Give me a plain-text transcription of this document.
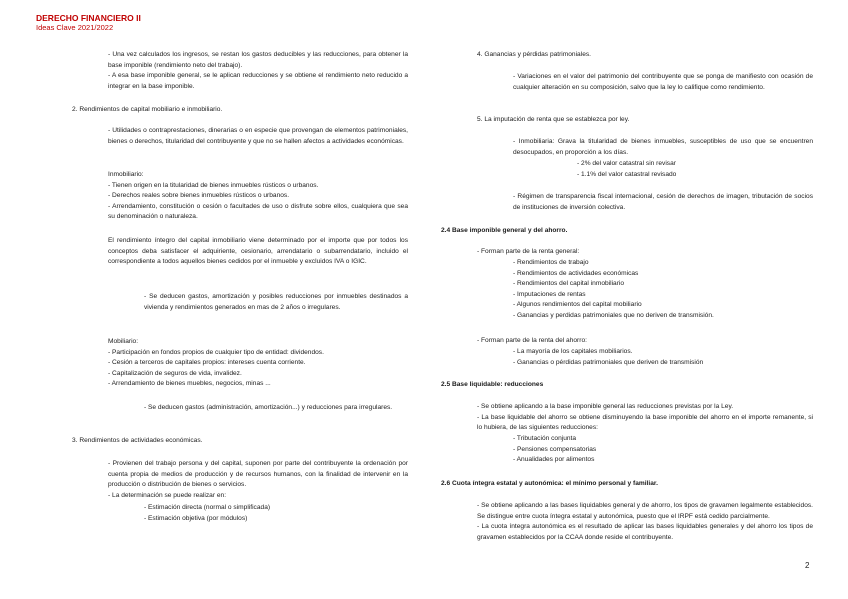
DERECHO FINANCIERO II
Ideas Clave 2021/2022
- Una vez calculados los ingresos, se restan los gastos deducibles y las reducciones, para obtener la base imponible (rendimiento neto del trabajo).
- A esa base imponible general, se le aplican reducciones y se obtiene el rendimiento neto reducido a integrar en la base imponible.
2. Rendimientos de capital mobiliario e inmobiliario.
- Utilidades o contraprestaciones, dinerarias o en especie que provengan de elementos patrimoniales, bienes o derechos, titularidad del contribuyente y que no se hallen afectos a actividades económicas.
Inmobiliario:
- Tienen origen en la titularidad de bienes inmuebles rústicos o urbanos.
- Derechos reales sobre bienes inmuebles rústicos o urbanos.
- Arrendamiento, constitución o cesión o facultades de uso o disfrute sobre ellos, cualquiera que sea su denominación o naturaleza.
El rendimiento íntegro del capital inmobiliario viene determinado por el importe que por todos los conceptos deba satisfacer el adquiriente, cesionario, arrendatario o subarrendatario, incluido el correspondiente a todos aquellos bienes cedidos por el inmueble y excluidos IVA o IGIC.
- Se deducen gastos, amortización y posibles reducciones por inmuebles destinados a vivienda y rendimientos generados en mas de 2 años o irregulares.
Mobiliario:
- Participación en fondos propios de cualquier tipo de entidad: dividendos.
- Cesión a terceros de capitales propios: intereses cuenta corriente.
- Capitalización de seguros de vida, invalidez.
- Arrendamiento de bienes muebles, negocios, minas ...
- Se deducen gastos (administración, amortización...) y reducciones para irregulares.
3. Rendimientos de actividades económicas.
- Provienen del trabajo persona y del capital, suponen por parte del contribuyente la ordenación por cuenta propia de medios de producción y de recursos humanos, con la finalidad de intervenir en la producción o distribución de bienes o servicios.
- La determinación se puede realizar en:
- Estimación directa (normal o simplificada)
- Estimación objetiva (por módulos)
4. Ganancias y pérdidas patrimoniales.
- Variaciones en el valor del patrimonio del contribuyente que se ponga de manifiesto con ocasión de cualquier alteración en su composición, salvo que la ley lo califique como rendimiento.
5. La imputación de renta que se establezca por ley.
- Inmobiliaria: Grava la titularidad de bienes inmuebles, susceptibles de uso que se encuentren desocupados, en proporción a los días.
- 2% del valor catastral sin revisar
- 1.1% del valor catastral revisado
- Régimen de transparencia fiscal internacional, cesión de derechos de imagen, tributación de socios de instituciones de inversión colectiva.
2.4 Base imponible general y del ahorro.
- Forman parte de la renta general:
- Rendimientos de trabajo
- Rendimientos de actividades económicas
- Rendimientos del capital inmobiliario
- Imputaciones de rentas
- Algunos rendimientos del capital mobiliario
- Ganancias y perdidas patrimoniales que no deriven de transmisión.
- Forman parte de la renta del ahorro:
- La mayoría de los capitales mobiliarios.
- Ganancias o pérdidas patrimoniales que deriven de transmisión
2.5 Base liquidable: reducciones
- Se obtiene aplicando a la base imponible general las reducciones previstas por la Ley.
- La base liquidable del ahorro se obtiene disminuyendo la base imponible del ahorro en el importe remanente, si lo hubiera, de las siguientes reducciones:
- Tributación conjunta
- Pensiones compensatorias
- Anualidades por alimentos
2.6 Cuota íntegra estatal y autonómica: el mínimo personal y familiar.
- Se obtiene aplicando a las bases liquidables general y de ahorro, los tipos de gravamen legalmente establecidos. Se distingue entre cuota íntegra estatal y autonómica, puesto que el IRPF está cedido parcialmente.
- La cuota íntegra autonómica es el resultado de aplicar las bases liquidables generales y del ahorro los tipos de gravamen establecidos por la CCAA donde reside el contribuyente.
2
